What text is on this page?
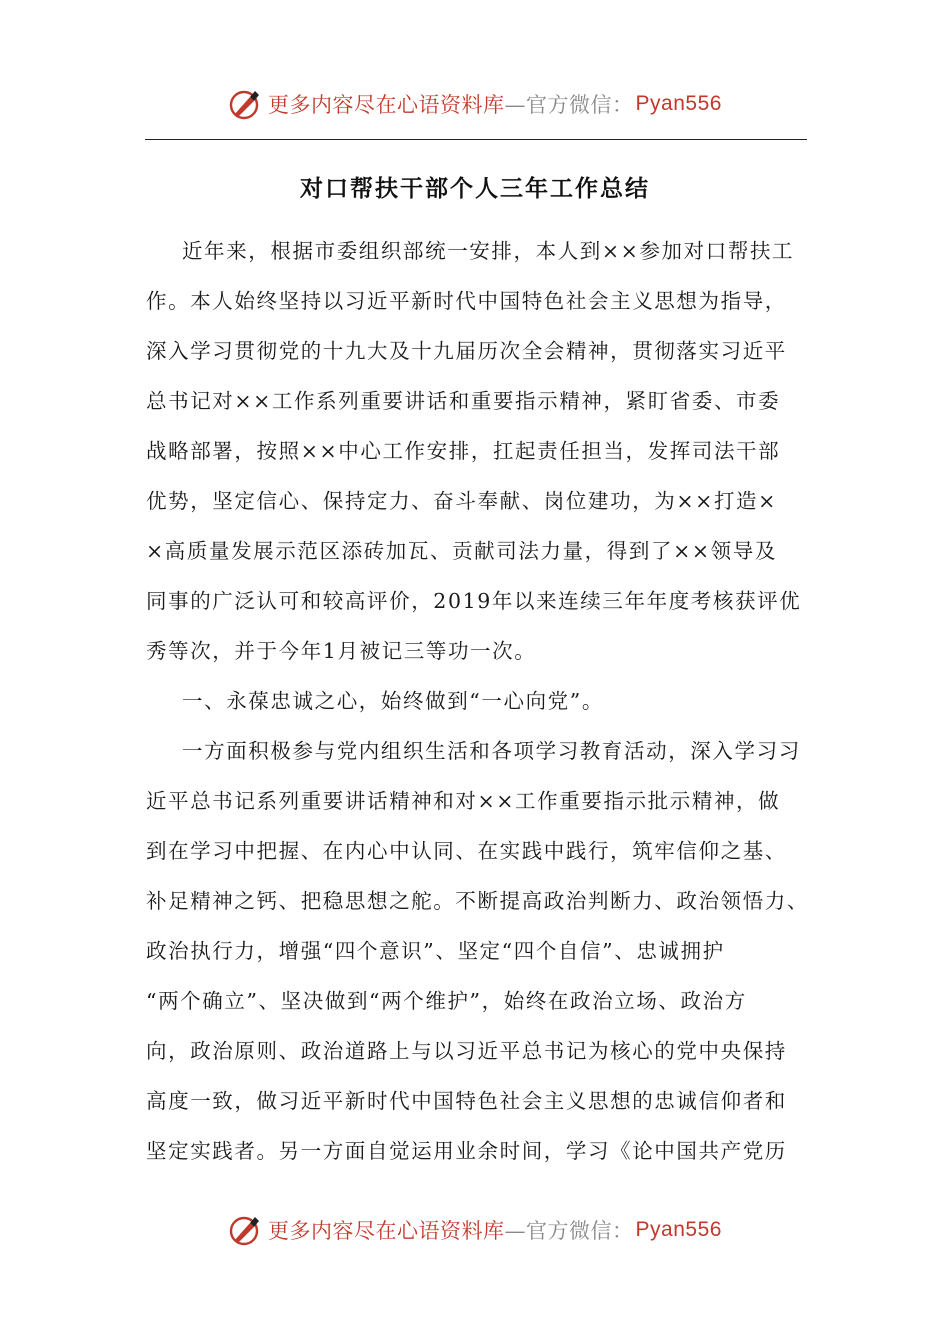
更多内容尽在心语资料库 —官方微信： Pyan556
对口帮扶干部个人三年工作总结
近年来，根据市委组织部统一安排，本人到××参加对口帮扶工
作。本人始终坚持以习近平新时代中国特色社会主义思想为指导，
深入学习贯彻党的十九大及十九届历次全会精神，贯彻落实习近平
总书记对××工作系列重要讲话和重要指示精神，紧盯省委、市委
战略部署，按照××中心工作安排，扛起责任担当，发挥司法干部
优势，坚定信心、保持定力、奋斗奉献、岗位建功，为××打造×
×高质量发展示范区添砖加瓦、贡献司法力量，得到了××领导及
同事的广泛认可和较高评价，2019年以来连续三年年度考核获评优
秀等次，并于今年1月被记三等功一次。
一、永葆忠诚之心，始终做到“一心向党”。
一方面积极参与党内组织生活和各项学习教育活动，深入学习习
近平总书记系列重要讲话精神和对××工作重要指示批示精神，做
到在学习中把握、在内心中认同、在实践中践行，筑牢信仰之基、
补足精神之钙、把稳思想之舵。不断提高政治判断力、政治领悟力、
政治执行力，增强“四个意识”、坚定“四个自信”、忠诚拥护
“两个确立”、坚决做到“两个维护”，始终在政治立场、政治方
向，政治原则、政治道路上与以习近平总书记为核心的党中央保持
高度一致，做习近平新时代中国特色社会主义思想的忠诚信仰者和
坚定实践者。另一方面自觉运用业余时间，学习《论中国共产党历
更多内容尽在心语资料库 —官方微信： Pyan556
